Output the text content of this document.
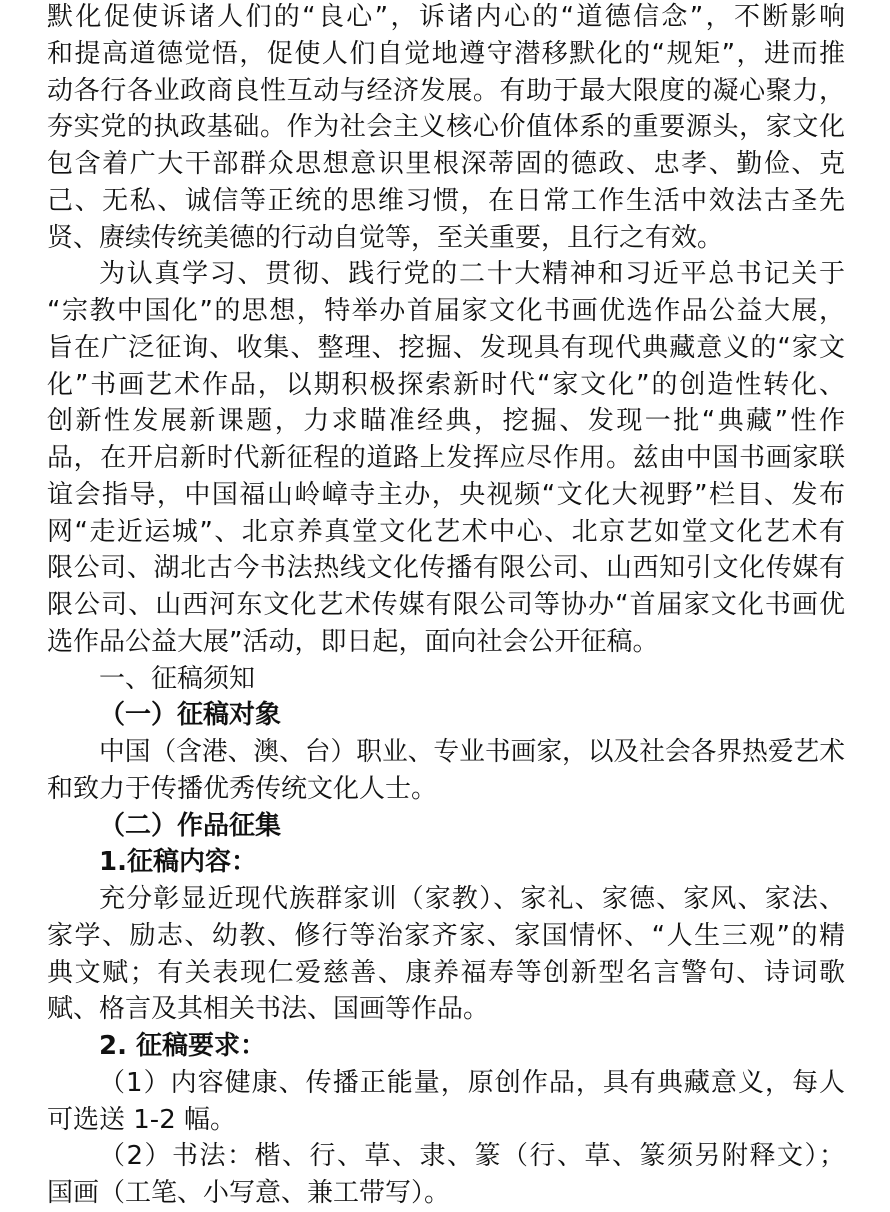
默化促使诉诸人们的“良心”，诉诸内心的“道德信念”，不断影响
和提高道德觉悟，促使人们自觉地遵守潜移默化的“规矩”，进而推
动各行各业政商良性互动与经济发展。有助于最大限度的凝心聚力，
夯实党的执政基础。作为社会主义核心价值体系的重要源头，家文化
包含着广大干部群众思想意识里根深蒂固的德政、忠孝、勤俭、克
己、无私、诚信等正统的思维习惯，在日常工作生活中效法古圣先
贤、赓续传统美德的行动自觉等，至关重要，且行之有效。
为认真学习、贯彻、践行党的二十大精神和习近平总书记关于
“宗教中国化”的思想，特举办首届家文化书画优选作品公益大展，
旨在广泛征询、收集、整理、挖掘、发现具有现代典藏意义的“家文
化”书画艺术作品，以期积极探索新时代“家文化”的创造性转化、
创新性发展新课题，力求瞄准经典，挖掘、发现一批“典藏”性作
品，在开启新时代新征程的道路上发挥应尽作用。兹由中国书画家联
谊会指导，中国福山岭嶂寺主办，央视频“文化大视野”栏目、发布
网“走近运城”、北京养真堂文化艺术中心、北京艺如堂文化艺术有
限公司、湖北古今书法热线文化传播有限公司、山西知引文化传媒有
限公司、山西河东文化艺术传媒有限公司等协办“首届家文化书画优
选作品公益大展”活动，即日起，面向社会公开征稿。
一、征稿须知
（一）征稿对象
中国（含港、澳、台）职业、专业书画家，以及社会各界热爱艺术
和致力于传播优秀传统文化人士。
（二）作品征集
1.征稿内容：
充分彰显近现代族群家训（家教）、家礼、家德、家风、家法、
家学、励志、幼教、修行等治家齐家、家国情怀、“人生三观”的精
典文赋；有关表现仁爱慈善、康养福寿等创新型名言警句、诗词歌
赋、格言及其相关书法、国画等作品。
2. 征稿要求：
（1）内容健康、传播正能量，原创作品，具有典藏意义，每人
可选送 1-2 幅。
（2）书法：楷、行、草、隶、篆（行、草、篆须另附释文）；
国画（工笔、小写意、兼工带写）。
